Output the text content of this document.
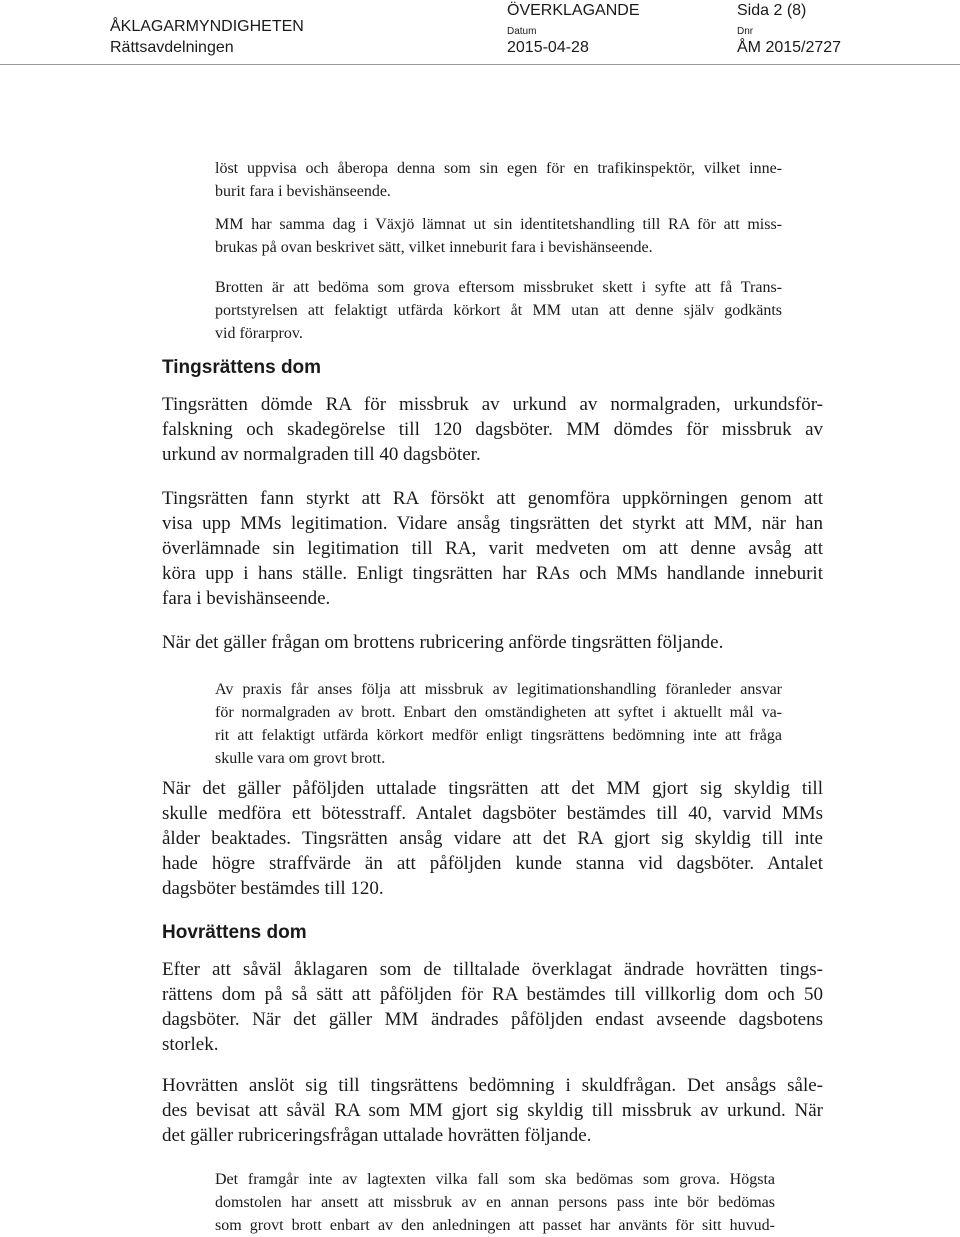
ÅKLAGARMYNDIGHETEN
Rättsavdelningen
ÖVERKLAGANDE
Datum
2015-04-28
Sida 2 (8)
Dnr
ÅM 2015/2727
löst uppvisa och åberopa denna som sin egen för en trafikinspektör, vilket inne-
burit fara i bevishänseende.
MM har samma dag i Växjö lämnat ut sin identitetshandling till RA för att miss-
brukas på ovan beskrivet sätt, vilket inneburit fara i bevishänseende.
Brotten är att bedöma som grova eftersom missbruket skett i syfte att få Trans-
portstyrelsen att felaktigt utfärda körkort åt MM utan att denne själv godkänts
vid förarprov.
Tingsrättens dom
Tingsrätten dömde RA för missbruk av urkund av normalgraden, urkundsför-
falskning och skadegörelse till 120 dagsböter. MM dömdes för missbruk av
urkund av normalgraden till 40 dagsböter.
Tingsrätten fann styrkt att RA försökt att genomföra uppkörningen genom att
visa upp MMs legitimation. Vidare ansåg tingsrätten det styrkt att MM, när han
överlämnade sin legitimation till RA, varit medveten om att denne avsåg att
köra upp i hans ställe. Enligt tingsrätten har RAs och MMs handlande inneburit
fara i bevishänseende.
När det gäller frågan om brottens rubricering anförde tingsrätten följande.
Av praxis får anses följa att missbruk av legitimationshandling föranleder ansvar
för normalgraden av brott. Enbart den omständigheten att syftet i aktuellt mål va-
rit att felaktigt utfärda körkort medför enligt tingsrättens bedömning inte att fråga
skulle vara om grovt brott.
När det gäller påföljden uttalade tingsrätten att det MM gjort sig skyldig till
skulle medföra ett bötesstraff. Antalet dagsböter bestämdes till 40, varvid MMs
ålder beaktades. Tingsrätten ansåg vidare att det RA gjort sig skyldig till inte
hade högre straffvärde än att påföljden kunde stanna vid dagsböter. Antalet
dagsböter bestämdes till 120.
Hovrättens dom
Efter att såväl åklagaren som de tilltalade överklagat ändrade hovrätten tings-
rättens dom på så sätt att påföljden för RA bestämdes till villkorlig dom och 50
dagsböter. När det gäller MM ändrades påföljden endast avseende dagsbotens
storlek.
Hovrätten anslöt sig till tingsrättens bedömning i skuldfrågan. Det ansågs såle-
des bevisat att såväl RA som MM gjort sig skyldig till missbruk av urkund. När
det gäller rubriceringsfrågan uttalade hovrätten följande.
Det framgår inte av lagtexten vilka fall som ska bedömas som grova. Högsta
domstolen har ansett att missbruk av en annan persons pass inte bör bedömas
som grovt brott enbart av den anledningen att passet har använts för sitt huvud-
